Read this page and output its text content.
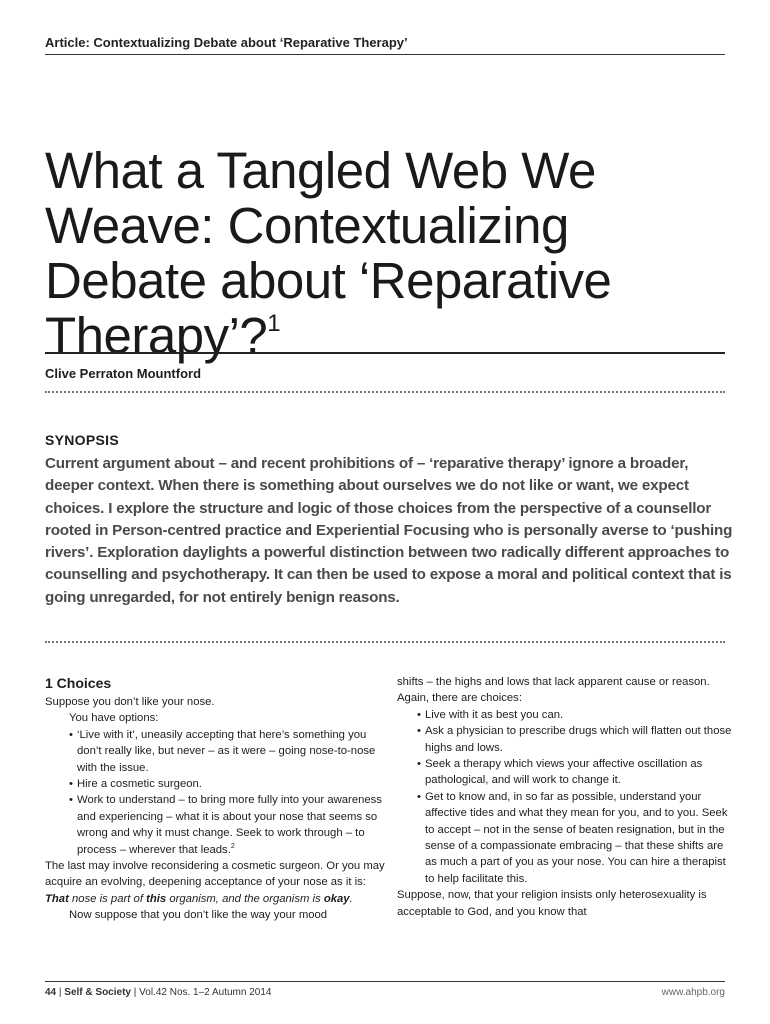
Article: Contextualizing Debate about ‘Reparative Therapy’
What a Tangled Web We Weave: Contextualizing Debate about ‘Reparative Therapy’?$^1$
Clive Perraton Mountford
SYNOPSIS

Current argument about – and recent prohibitions of – ‘reparative therapy’ ignore a broader, deeper context. When there is something about ourselves we do not like or want, we expect choices. I explore the structure and logic of those choices from the perspective of a counsellor rooted in Person-centred practice and Experiential Focusing who is personally averse to ‘pushing rivers’. Exploration daylights a powerful distinction between two radically different approaches to counselling and psychotherapy. It can then be used to expose a moral and political context that is going unregarded, for not entirely benign reasons.

1 Choices

Suppose you don’t like your nose.

You have options:

• ‘Live with it’, uneasily accepting that here’s something you don’t really like, but never – as it were – going nose-to-nose with the issue.
• Hire a cosmetic surgeon.
• Work to understand – to bring more fully into your awareness and experiencing – what it is about your nose that seems so wrong and why it must change. Seek to work through – to process – wherever that leads.$^2$

The last may involve reconsidering a cosmetic surgeon. Or you may acquire an evolving, deepening acceptance of your nose as it is: That nose is part of this organism, and the organism is okay.

Now suppose that you don’t like the way your mood

shifts – the highs and lows that lack apparent cause or reason.

Again, there are choices:

• Live with it as best you can.
• Ask a physician to prescribe drugs which will flatten out those highs and lows.
• Seek a therapy which views your affective oscillation as pathological, and will work to change it.
• Get to know and, in so far as possible, understand your affective tides and what they mean for you, and to you. Seek to accept – not in the sense of beaten resignation, but in the sense of a compassionate embracing – that these shifts are as much a part of you as your nose. You can hire a therapist to help facilitate this.

Suppose, now, that your religion insists only heterosexuality is acceptable to God, and you know that

44 | Self & Society | Vol.42 Nos. 1–2 Autumn 2014	www.ahpb.org
